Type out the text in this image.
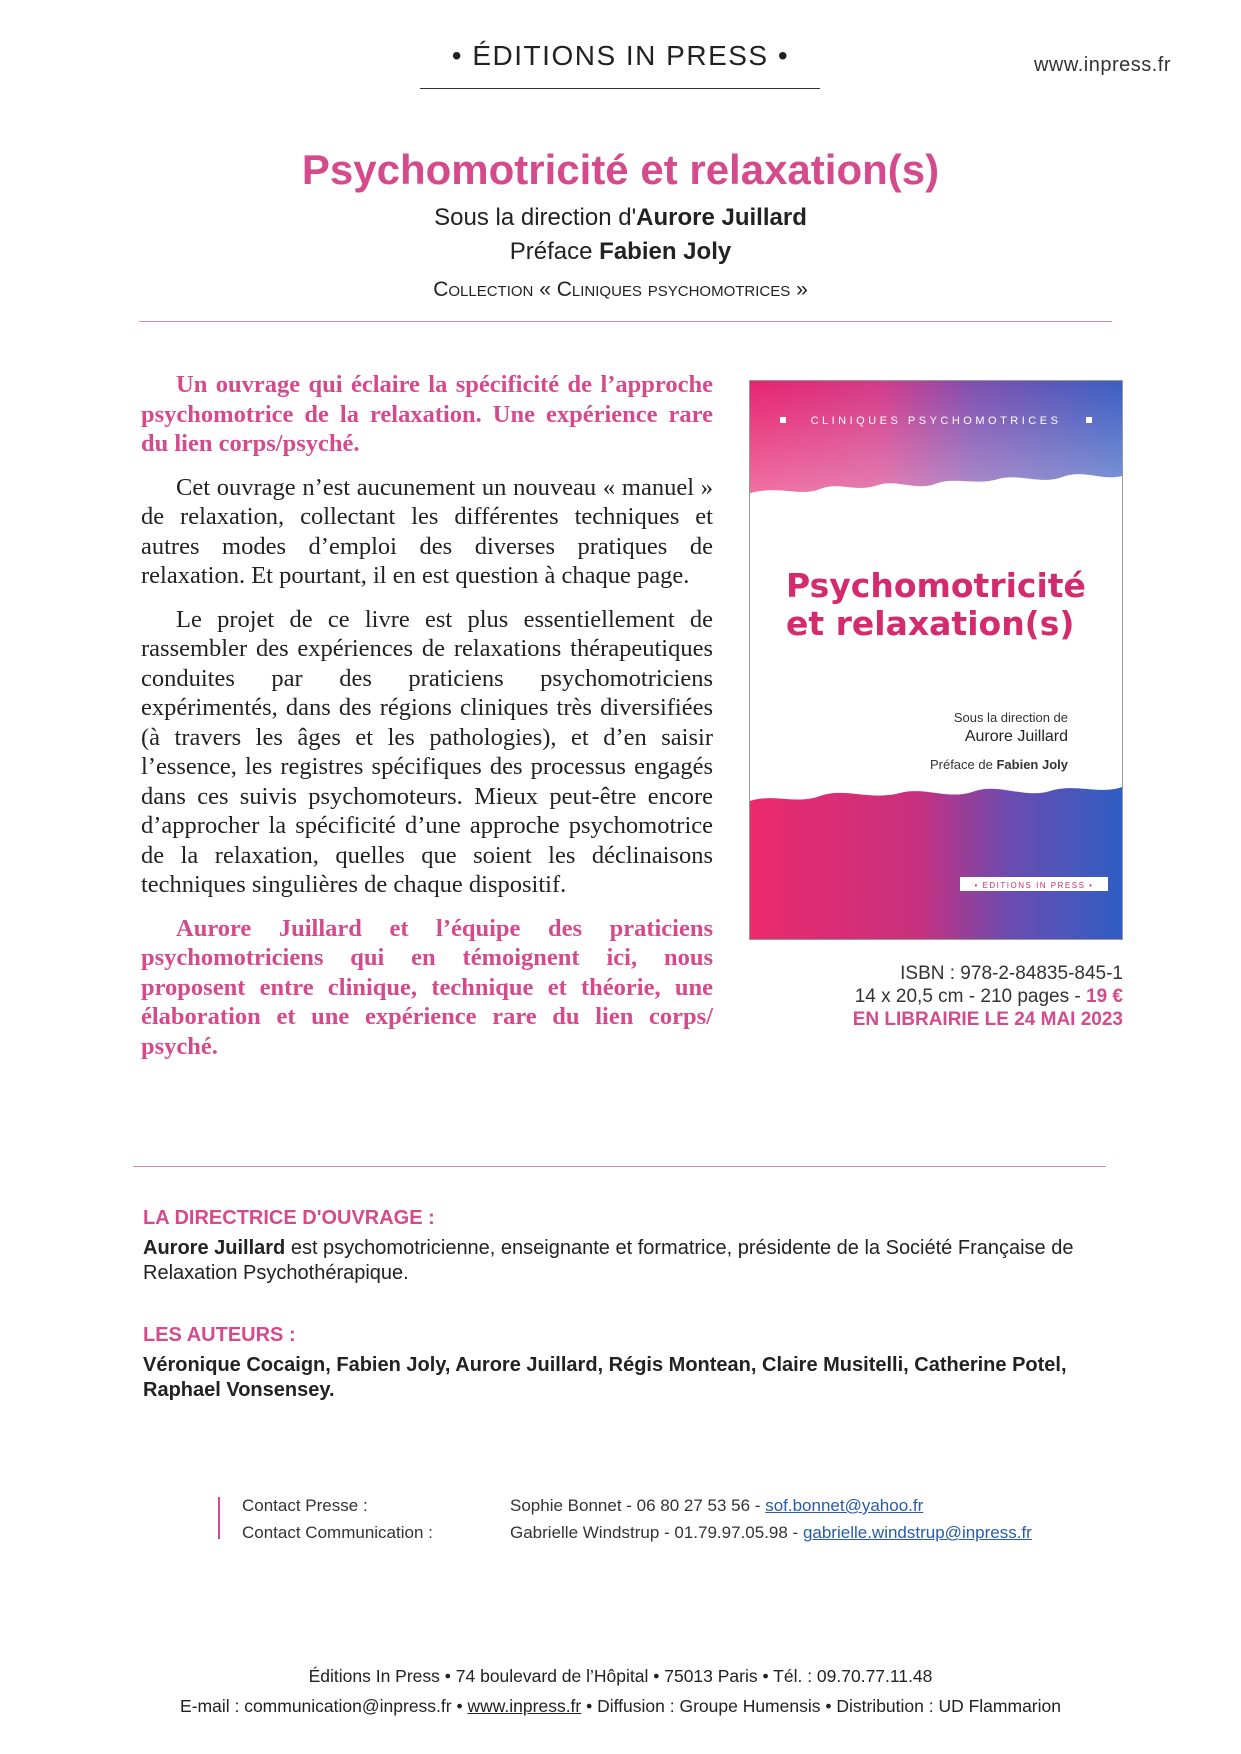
• ÉDITIONS IN PRESS •	www.inpress.fr
Psychomotricité et relaxation(s)
Sous la direction d'Aurore Juillard
Préface Fabien Joly
Collection « Cliniques psychomotrices »

Un ouvrage qui éclaire la spécificité de l’approche psychomotrice de la relaxation. Une expérience rare du lien corps/psyché.

Cet ouvrage n’est aucunement un nouveau « manuel » de relaxation, collectant les différentes techniques et autres modes d’emploi des diverses pratiques de relaxation. Et pourtant, il en est question à chaque page.

Le projet de ce livre est plus essentiellement de rassembler des expériences de relaxations thérapeutiques conduites par des praticiens psychomotriciens expérimentés, dans des régions cliniques très diversifiées (à travers les âges et les pathologies), et d’en saisir l’essence, les registres spécifiques des processus engagés dans ces suivis psychomoteurs. Mieux peut-être encore d’approcher la spécificité d’une approche psychomotrice de la relaxation, quelles que soient les déclinaisons techniques singulières de chaque dispositif.

Aurore Juillard et l’équipe des praticiens psychomotriciens qui en témoignent ici, nous proposent entre clinique, technique et théorie, une élaboration et une expérience rare du lien corps/ psyché.

CLINIQUES PSYCHOMOTRICES
Psychomotricité
et relaxation(s)
Sous la direction de
Aurore Juillard
Préface de Fabien Joly
• EDITIONS IN PRESS •
ISBN : 978-2-84835-845-1
14 x 20,5 cm - 210 pages - 19 €
EN LIBRAIRIE LE 24 MAI 2023
LA DIRECTRICE D'OUVRAGE :
Aurore Juillard est psychomotricienne, enseignante et formatrice, présidente de la Société Française de Relaxation Psychothérapique.
LES AUTEURS :
Véronique Cocaign, Fabien Joly, Aurore Juillard, Régis Montean, Claire Musitelli, Catherine Potel, Raphael Vonsensey.
Contact Presse :
Contact Communication :
Sophie Bonnet - 06 80 27 53 56 - sof.bonnet@yahoo.fr
Gabrielle Windstrup - 01.79.97.05.98 - gabrielle.windstrup@inpress.fr
Éditions In Press • 74 boulevard de l’Hôpital • 75013 Paris • Tél. : 09.70.77.11.48
E-mail : communication@inpress.fr • www.inpress.fr • Diffusion : Groupe Humensis • Distribution : UD Flammarion
